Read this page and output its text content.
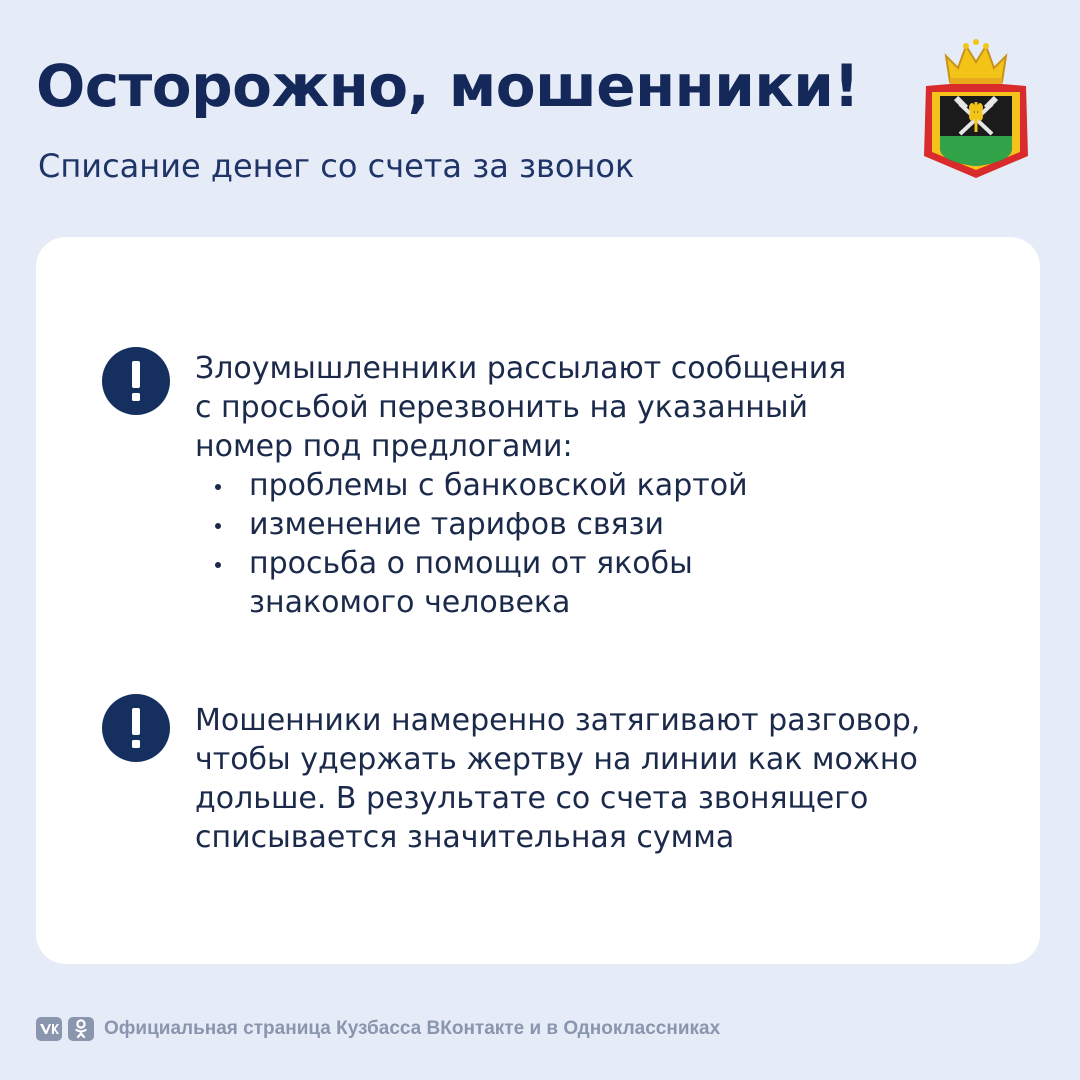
Осторожно, мошенники!
Списание денег со счета за звонок
Злоумышленники рассылают сообщения
с просьбой перезвонить на указанный
номер под предлогами:
проблемы с банковской картой
изменение тарифов связи
просьба о помощи от якобы знакомого человека
Мошенники намеренно затягивают разговор,
чтобы удержать жертву на линии как можно
дольше. В результате со счета звонящего
списывается значительная сумма
Официальная страница Кузбасса ВКонтакте и в Одноклассниках
